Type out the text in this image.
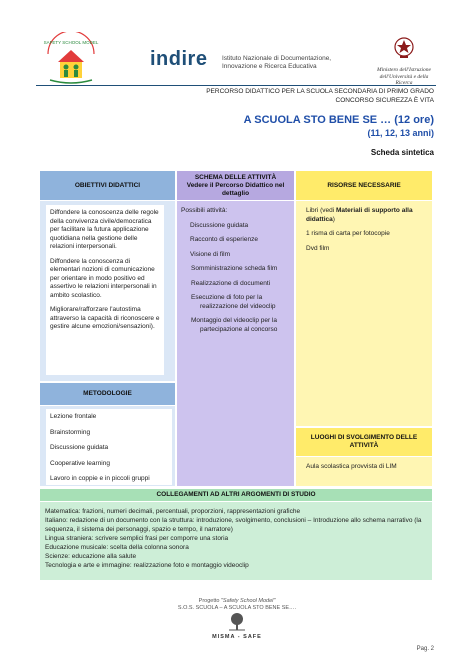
SAFETY SCHOOL MODEL
indire Istituto Nazionale di Documentazione,
Innovazione e Ricerca Educativa	Ministero dell'Istruzione
dell'Università e della Ricerca
PERCORSO DIDATTICO PER LA SCUOLA SECONDARIA DI PRIMO GRADO
CONCORSO SICUREZZA È VITA
A SCUOLA STO BENE SE … (12 ore)
(11, 12, 13 anni)
Scheda sintetica
OBIETTIVI DIDATTICI
SCHEMA DELLE ATTIVITÀ
Vedere il Percorso Didattico nel dettaglio
RISORSE NECESSARIE

Diffondere la conoscenza delle regole della convivenza civile/democratica per facilitare la futura applicazione quotidiana nella gestione delle relazioni interpersonali.

Diffondere la conoscenza di elementari nozioni di comunicazione per orientare in modo positivo ed assertivo le relazioni interpersonali in ambito scolastico.

Migliorare/rafforzare l'autostima attraverso la capacità di riconoscere e gestire alcune emozioni/sensazioni).

Possibili attività:
Discussione guidata
Racconto di esperienze
Visione di film
Somministrazione scheda film
Realizzazione di documenti
Esecuzione di foto per la realizzazione del videoclip
Montaggio del videoclip per la partecipazione al concorso

Libri (vedi Materiali di supporto alla didattica)

1 risma di carta per fotocopie

Dvd film

METODOLOGIE
Lezione frontale
Brainstorming
Discussione guidata
Cooperative learning
Lavoro in coppie e in piccoli gruppi
LUOGHI DI SVOLGIMENTO DELLE ATTIVITÀ
Aula scolastica provvista di LIM
COLLEGAMENTI AD ALTRI ARGOMENTI DI STUDIO
Matematica: frazioni, numeri decimali, percentuali, proporzioni, rappresentazioni grafiche
Italiano: redazione di un documento con la struttura: introduzione, svolgimento, conclusioni – Introduzione allo schema narrativo (la sequenza, il sistema dei personaggi, spazio e tempo, il narratore)
Lingua straniera: scrivere semplici frasi per comporre una storia
Educazione musicale: scelta della colonna sonora
Scienze: educazione alla salute
Tecnologia e arte e immagine: realizzazione foto e montaggio videoclip
Progetto "Safety School Model"
S.O.S. SCUOLA – A SCUOLA STO BENE SE….
MISMA - SAFE
Pag. 2
